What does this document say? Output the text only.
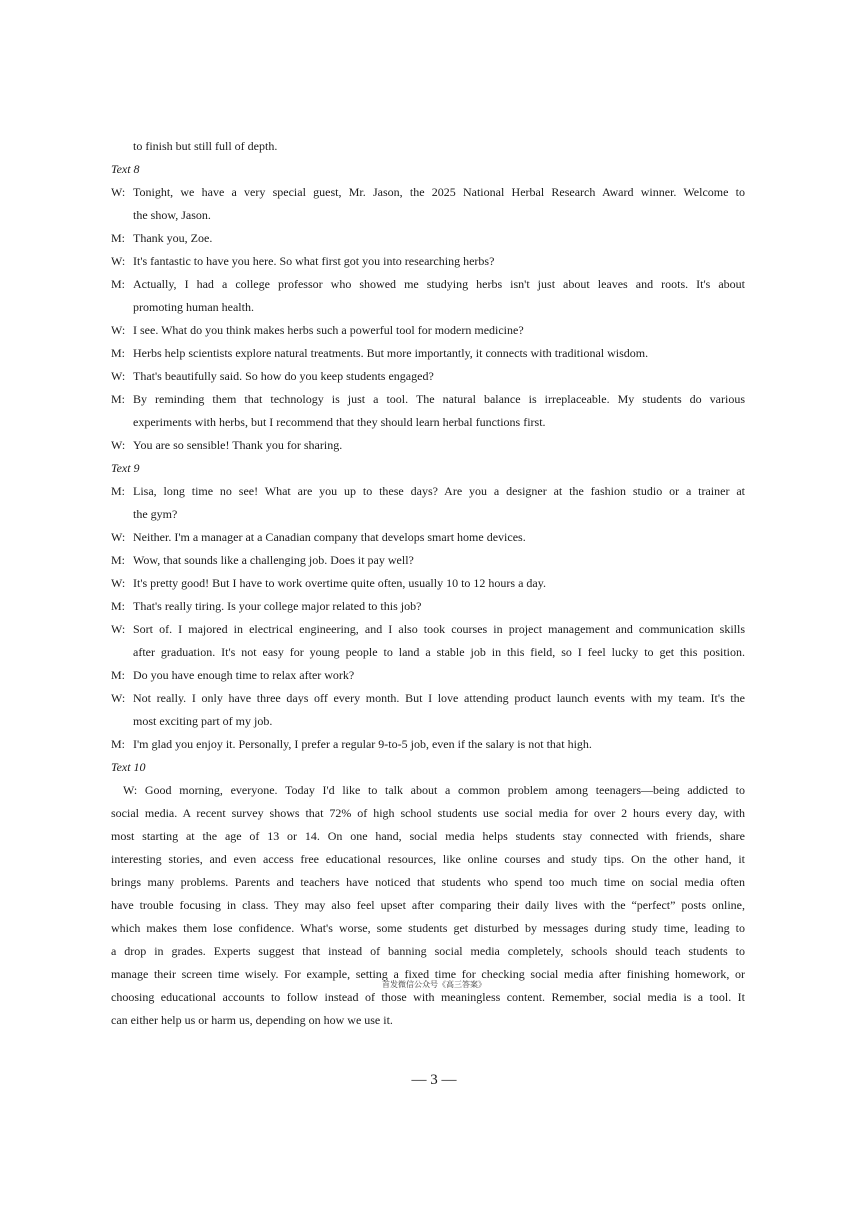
to finish but still full of depth.
Text 8
W: Tonight, we have a very special guest, Mr. Jason, the 2025 National Herbal Research Award winner. Welcome to
the show, Jason.
M: Thank you, Zoe.
W: It's fantastic to have you here. So what first got you into researching herbs?
M: Actually, I had a college professor who showed me studying herbs isn't just about leaves and roots. It's about
promoting human health.
W: I see. What do you think makes herbs such a powerful tool for modern medicine?
M: Herbs help scientists explore natural treatments. But more importantly, it connects with traditional wisdom.
W: That's beautifully said. So how do you keep students engaged?
M: By reminding them that technology is just a tool. The natural balance is irreplaceable. My students do various
experiments with herbs, but I recommend that they should learn herbal functions first.
W: You are so sensible! Thank you for sharing.
Text 9
M: Lisa, long time no see! What are you up to these days? Are you a designer at the fashion studio or a trainer at
the gym?
W: Neither. I'm a manager at a Canadian company that develops smart home devices.
M: Wow, that sounds like a challenging job. Does it pay well?
W: It's pretty good! But I have to work overtime quite often, usually 10 to 12 hours a day.
M: That's really tiring. Is your college major related to this job?
W: Sort of. I majored in electrical engineering, and I also took courses in project management and communication skills
after graduation. It's not easy for young people to land a stable job in this field, so I feel lucky to get this position.
M: Do you have enough time to relax after work?
W: Not really. I only have three days off every month. But I love attending product launch events with my team. It's the
most exciting part of my job.
M: I'm glad you enjoy it. Personally, I prefer a regular 9-to-5 job, even if the salary is not that high.
Text 10
W: Good morning, everyone. Today I'd like to talk about a common problem among teenagers—being addicted to
social media. A recent survey shows that 72% of high school students use social media for over 2 hours every day, with
most starting at the age of 13 or 14. On one hand, social media helps students stay connected with friends, share
interesting stories, and even access free educational resources, like online courses and study tips. On the other hand, it
brings many problems. Parents and teachers have noticed that students who spend too much time on social media often
have trouble focusing in class. They may also feel upset after comparing their daily lives with the “perfect” posts online,
which makes them lose confidence. What's worse, some students get disturbed by messages during study time, leading to
a drop in grades. Experts suggest that instead of banning social media completely, schools should teach students to
manage their screen time wisely. For example, setting a fixed time for checking social media after finishing homework, or
choosing educational accounts to follow instead of those with meaningless content. Remember, social media is a tool. It
can either help us or harm us, depending on how we use it.
首发微信公众号《高三答案》
— 3 —
